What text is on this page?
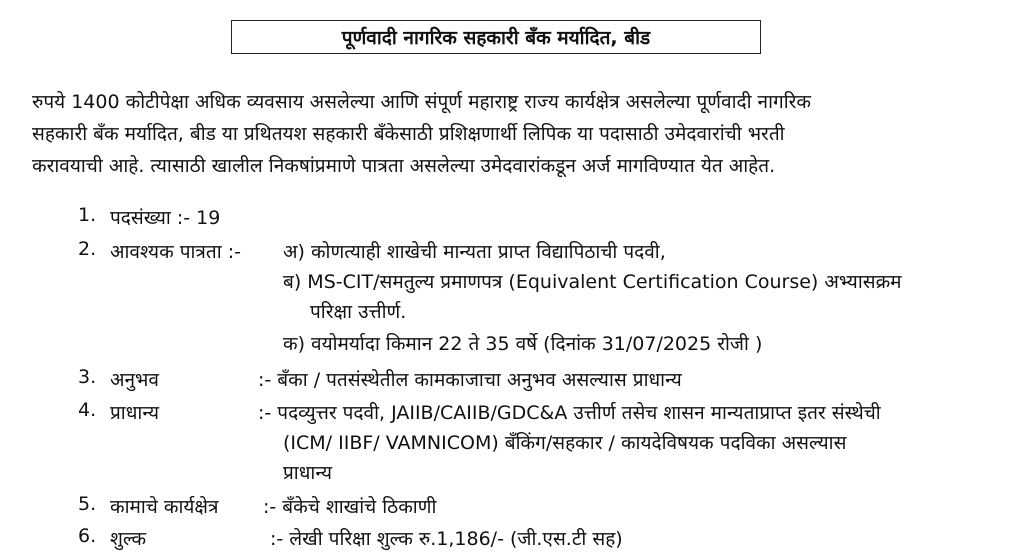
पूर्णवादी नागरिक सहकारी बँक मर्यादित, बीड
रुपये 1400 कोटीपेक्षा अधिक व्यवसाय असलेल्या आणि संपूर्ण महाराष्ट्र राज्य कार्यक्षेत्र असलेल्या पूर्णवादी नागरिक
सहकारी बँक मर्यादित, बीड या प्रथितयश सहकारी बँकेसाठी प्रशिक्षणार्थी लिपिक या पदासाठी उमेदवारांची भरती
करावयाची आहे. त्यासाठी खालील निकषांप्रमाणे पात्रता असलेल्या उमेदवारांकडून अर्ज मागविण्यात येत आहेत.
1. पदसंख्या :- 19
2. आवश्यक पात्रता :- अ) कोणत्याही शाखेची मान्यता प्राप्त विद्यापिठाची पदवी,
ब) MS-CIT/समतुल्य प्रमाणपत्र (Equivalent Certification Course) अभ्यासक्रम
परिक्षा उत्तीर्ण.
क) वयोमर्यादा किमान 22 ते 35 वर्षे (दिनांक 31/07/2025 रोजी )
3. अनुभव	‌:- बँका / पतसंस्थेतील कामकाजाचा अनुभव असल्यास प्राधान्य
4. प्राधान्य	:- पदव्युत्तर पदवी, JAIIB/CAIIB/GDC&A उत्तीर्ण तसेच शासन मान्यताप्राप्त इतर संस्थेची
(ICM/ IIBF/ VAMNICOM) बँकिंग/सहकार / कायदेविषयक पदविका असल्यास
प्राधान्य
5. कामाचे कार्यक्षेत्र :- बँकेचे शाखांचे ठिकाणी
6. शुल्क	:- लेखी परिक्षा शुल्क रु.1,186/- (जी.एस.टी सह)
